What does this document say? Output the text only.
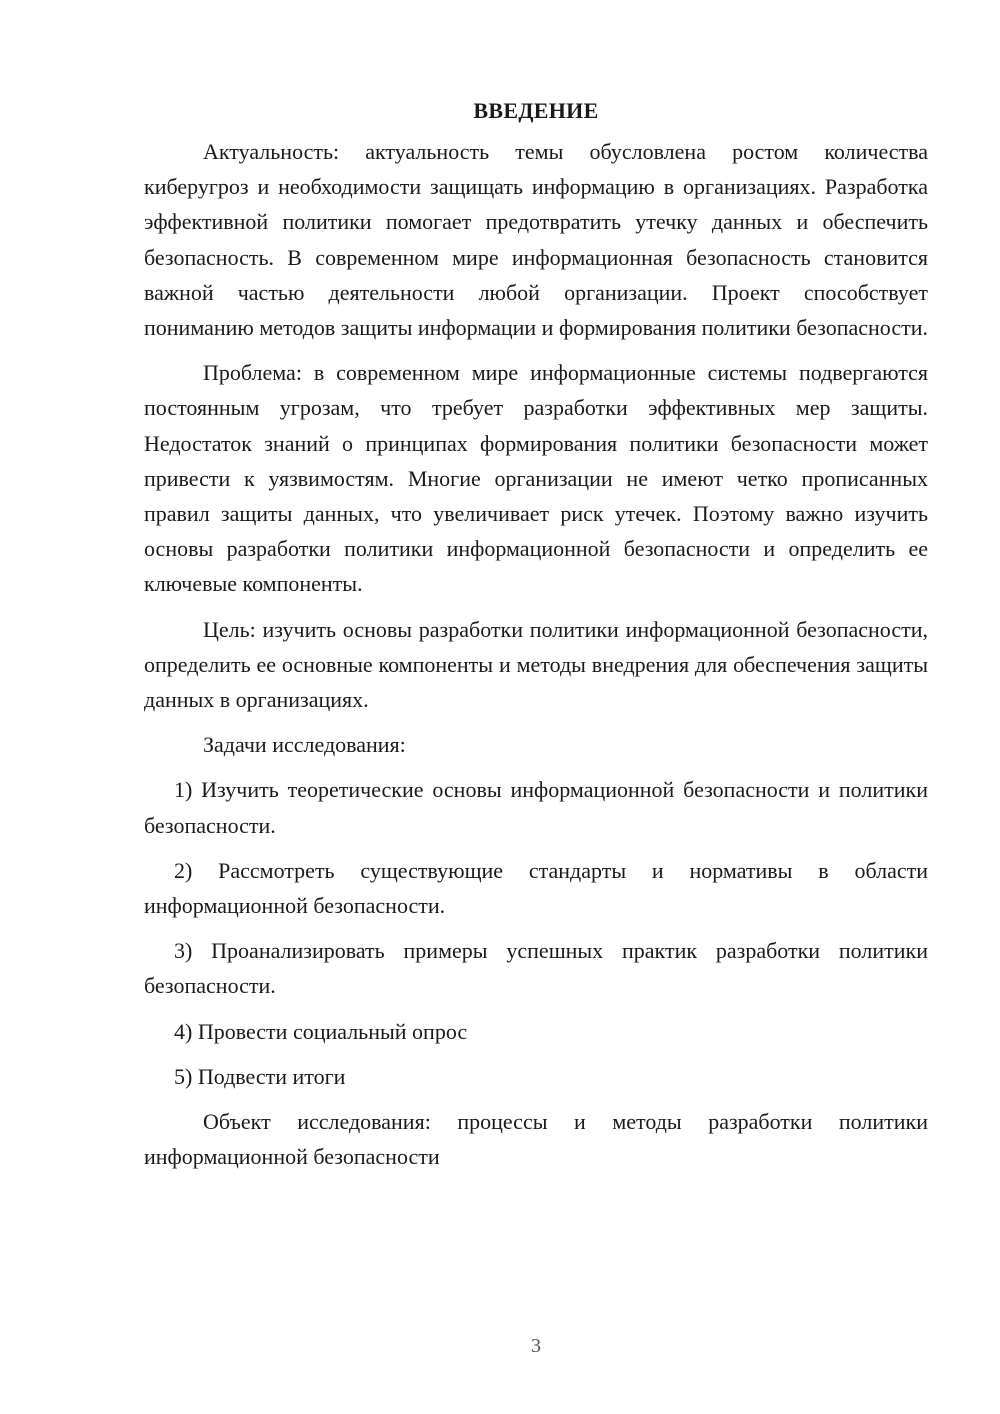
ВВЕДЕНИЕ

Актуальность: актуальность темы обусловлена ростом количества киберугроз и необходимости защищать информацию в организациях. Разработка эффективной политики помогает предотвратить утечку данных и обеспечить безопасность. В современном мире информационная безопасность становится важной частью деятельности любой организации. Проект способствует пониманию методов защиты информации и формирования политики безопасности.

Проблема: в современном мире информационные системы подвергаются постоянным угрозам, что требует разработки эффективных мер защиты. Недостаток знаний о принципах формирования политики безопасности может привести к уязвимостям. Многие организации не имеют четко прописанных правил защиты данных, что увеличивает риск утечек. Поэтому важно изучить основы разработки политики информационной безопасности и определить ее ключевые компоненты.

Цель: изучить основы разработки политики информационной безопасности, определить ее основные компоненты и методы внедрения для обеспечения защиты данных в организациях.

Задачи исследования:

1) Изучить теоретические основы информационной безопасности и политики безопасности.

2) Рассмотреть существующие стандарты и нормативы в области информационной безопасности.

3) Проанализировать примеры успешных практик разработки политики безопасности.

4) Провести социальный опрос

5) Подвести итоги

Объект исследования: процессы и методы разработки политики информационной безопасности

3
